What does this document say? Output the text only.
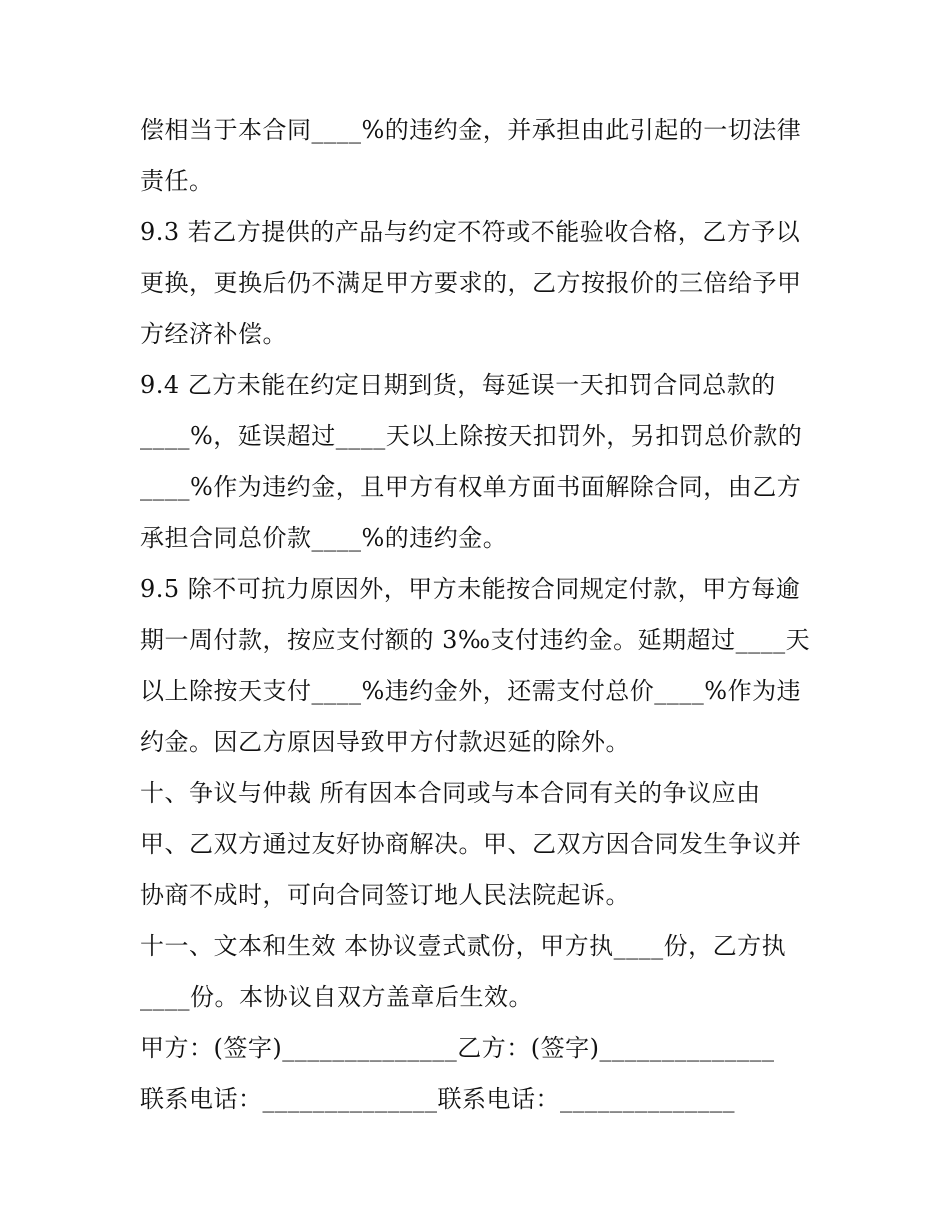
偿相当于本合同____%的违约金，并承担由此引起的一切法律

责任。

9.3 若乙方提供的产品与约定不符或不能验收合格，乙方予以

更换，更换后仍不满足甲方要求的，乙方按报价的三倍给予甲

方经济补偿。

9.4 乙方未能在约定日期到货，每延误一天扣罚合同总款的

____%，延误超过____天以上除按天扣罚外，另扣罚总价款的

____%作为违约金，且甲方有权单方面书面解除合同，由乙方

承担合同总价款____%的违约金。

9.5 除不可抗力原因外，甲方未能按合同规定付款，甲方每逾

期一周付款，按应支付额的 3‰支付违约金。延期超过____天

以上除按天支付____%违约金外，还需支付总价____%作为违

约金。因乙方原因导致甲方付款迟延的除外。

十、争议与仲裁 所有因本合同或与本合同有关的争议应由

甲、乙双方通过友好协商解决。甲、乙双方因合同发生争议并

协商不成时，可向合同签订地人民法院起诉。

十一、文本和生效 本协议壹式贰份，甲方执____份，乙方执

____份。本协议自双方盖章后生效。

甲方：(签字)______________乙方：(签字)______________

联系电话：______________联系电话：______________
